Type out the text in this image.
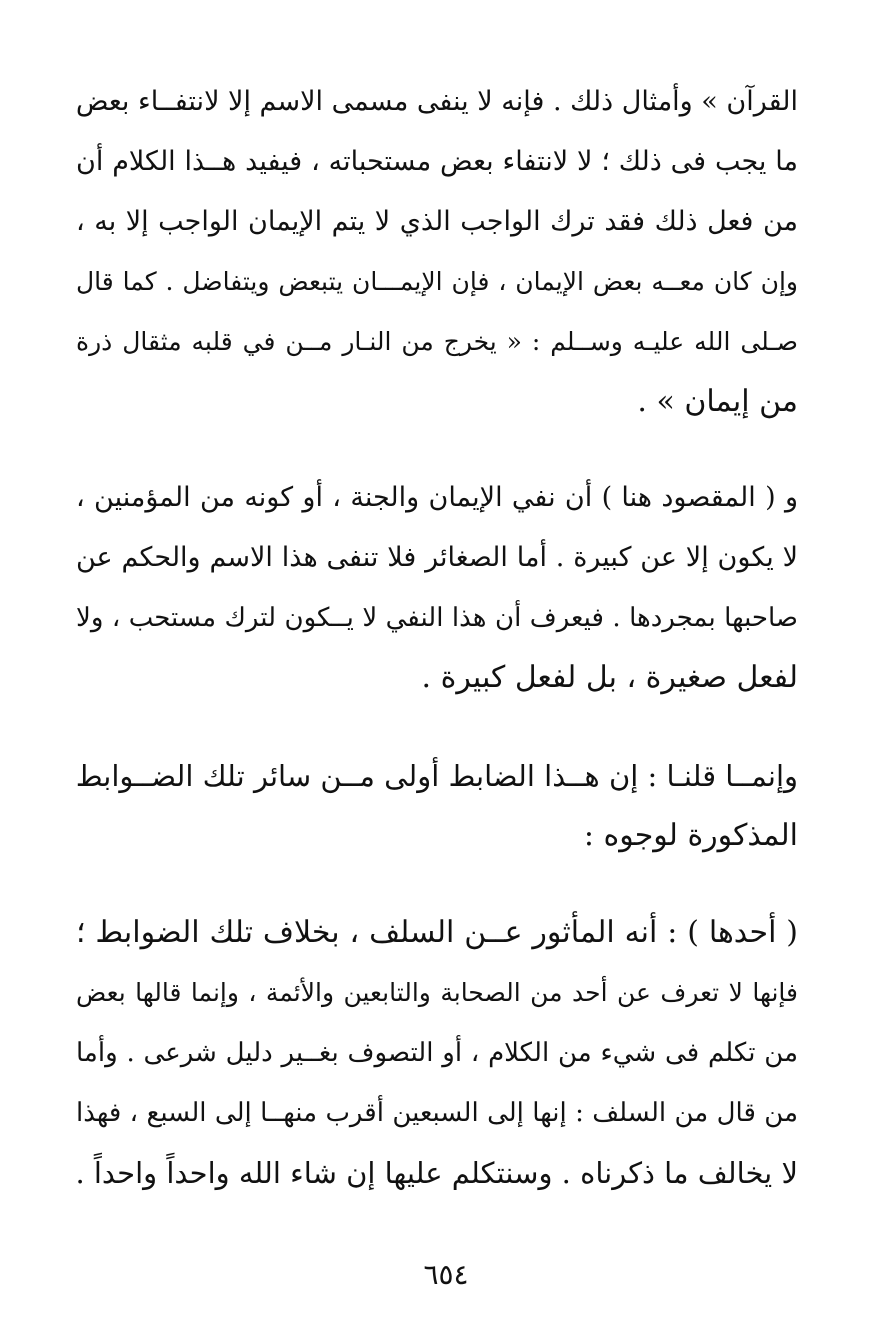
القرآن » وأمثال ذلك . فإنه لا ينفى مسمى الاسم إلا لانتفــاء بعض
ما يجب فى ذلك ؛ لا لانتفاء بعض مستحباته ، فيفيد هــذا الكلام أن
من فعل ذلك فقد ترك الواجب الذي لا يتم الإيمان الواجب إلا به ،
وإن كان معــه بعض الإيمان ، فإن الإيمـــان يتبعض ويتفاضل . كما قال
صـلى الله عليـه وســلم : « يخرج من النـار مــن في قلبه مثقال ذرة
من إيمان » .
و ( المقصود هنا ) أن نفي الإيمان والجنة ، أو كونه من المؤمنين ،
لا يكون إلا عن كبيرة . أما الصغائر فلا تنفى هذا الاسم والحكم عن
صاحبها بمجردها . فيعرف أن هذا النفي لا يــكون لترك مستحب ، ولا
لفعل صغيرة ، بل لفعل كبيرة .
وإنمــا قلنـا : إن هــذا الضابط أولى مــن سائر تلك الضــوابط
المذكورة لوجوه :
( أحدها ) : أنه المأثور عــن السلف ، بخلاف تلك الضوابط ؛
فإنها لا تعرف عن أحد من الصحابة والتابعين والأئمة ، وإنما قالها بعض
من تكلم فى شيء من الكلام ، أو التصوف بغــير دليل شرعى . وأما
من قال من السلف : إنها إلى السبعين أقرب منهــا إلى السبع ، فهذا
لا يخالف ما ذكرناه . وسنتكلم عليها إن شاء الله واحداً واحداً .
٦٥٤
